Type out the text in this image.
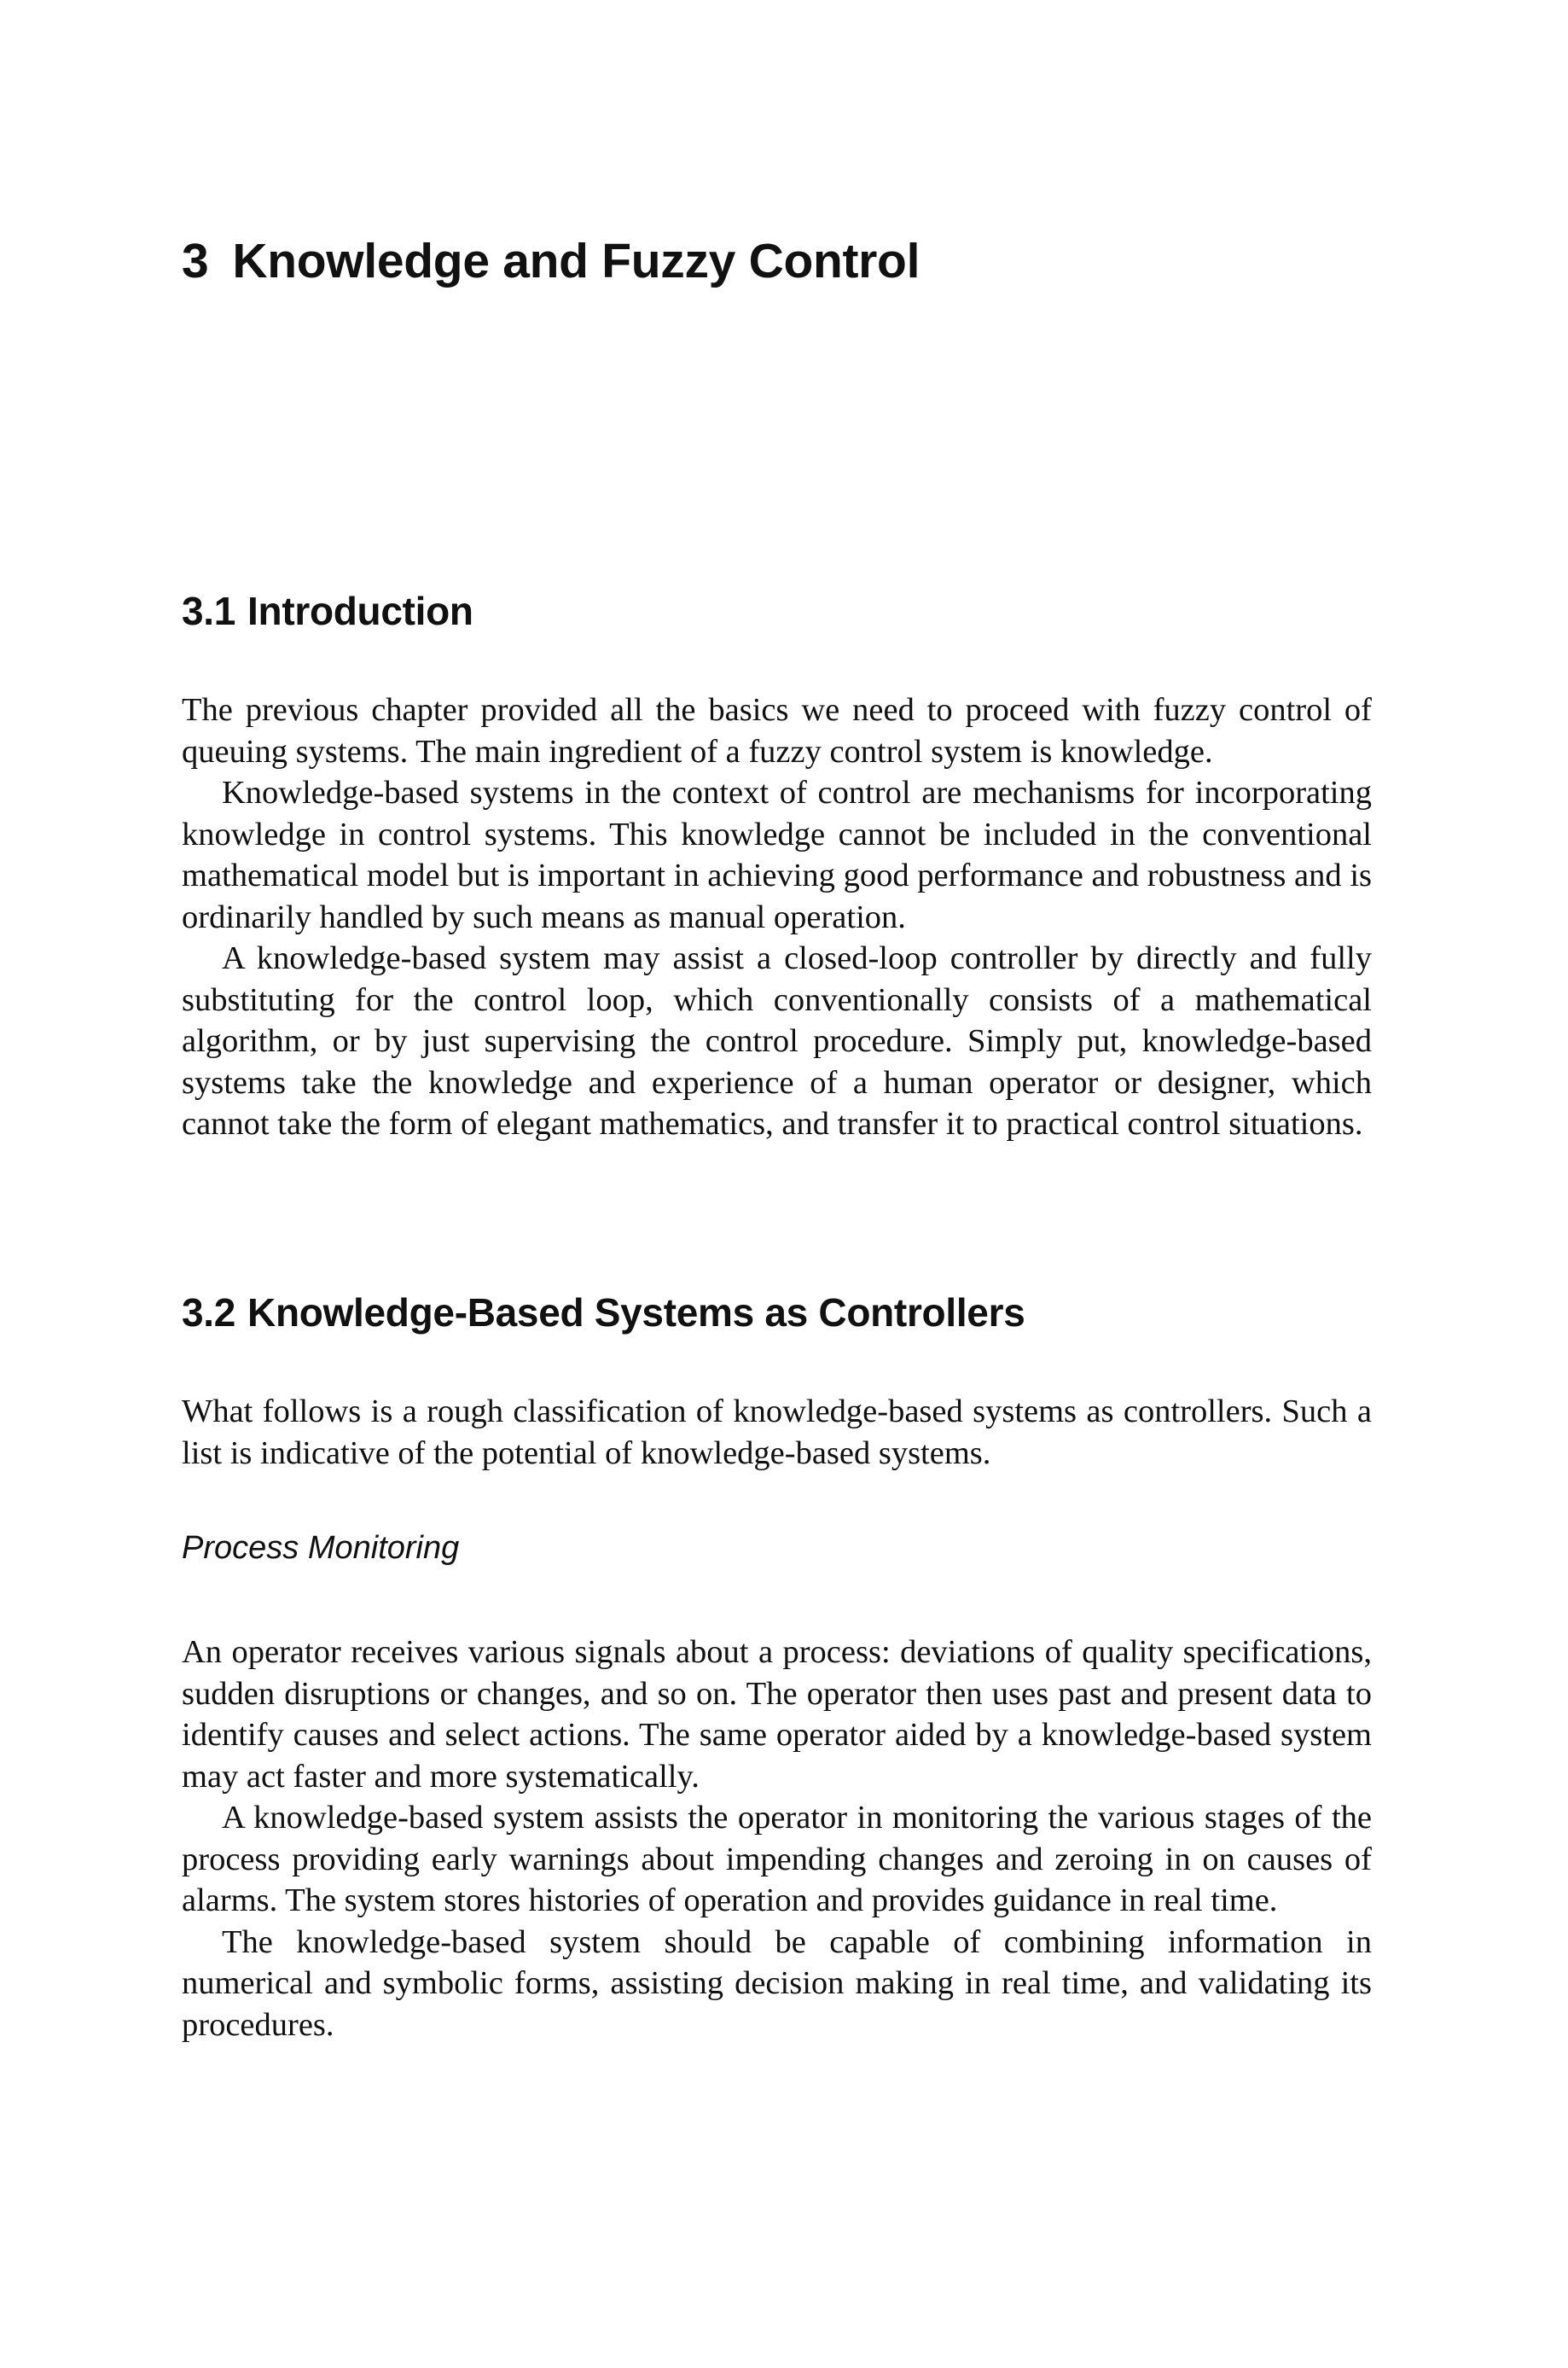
3 Knowledge and Fuzzy Control
3.1 Introduction

The previous chapter provided all the basics we need to proceed with fuzzy control of queuing systems. The main ingredient of a fuzzy control system is knowledge.

Knowledge-based systems in the context of control are mechanisms for incorporating knowledge in control systems. This knowledge cannot be included in the conventional mathematical model but is important in achieving good performance and robustness and is ordinarily handled by such means as manual operation.

A knowledge-based system may assist a closed-loop controller by directly and fully substituting for the control loop, which conventionally consists of a mathematical algorithm, or by just supervising the control procedure. Simply put, knowledge-based systems take the knowledge and experience of a human operator or designer, which cannot take the form of elegant mathematics, and transfer it to practical control situations.

3.2 Knowledge-Based Systems as Controllers

What follows is a rough classification of knowledge-based systems as controllers. Such a list is indicative of the potential of knowledge-based systems.

Process Monitoring

An operator receives various signals about a process: deviations of quality specifications, sudden disruptions or changes, and so on. The operator then uses past and present data to identify causes and select actions. The same operator aided by a knowledge-based system may act faster and more systematically.

A knowledge-based system assists the operator in monitoring the various stages of the process providing early warnings about impending changes and zeroing in on causes of alarms. The system stores histories of operation and provides guidance in real time.

The knowledge-based system should be capable of combining information in numerical and symbolic forms, assisting decision making in real time, and validating its procedures.
